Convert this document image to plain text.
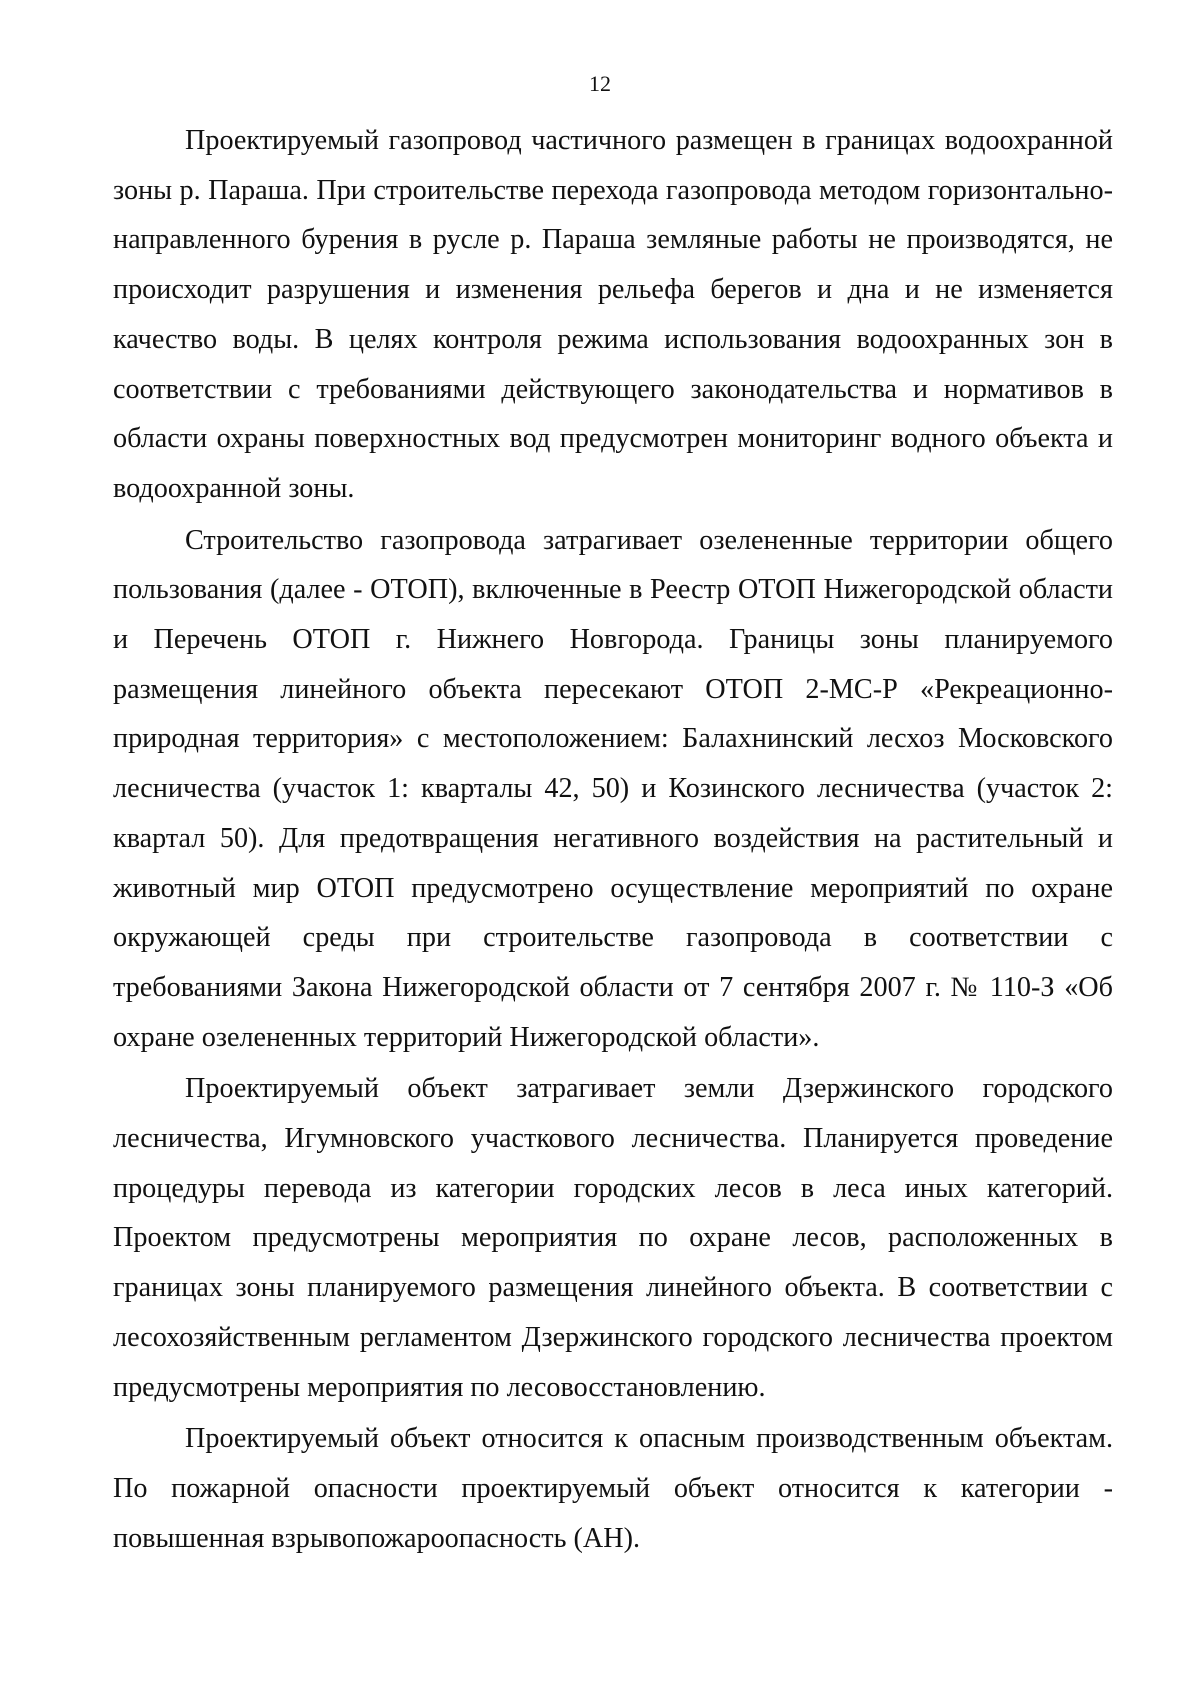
12

Проектируемый газопровод частичного размещен в границах водоохранной зоны р. Параша. При строительстве перехода газопровода методом горизонтально-направленного бурения в русле р. Параша земляные работы не производятся, не происходит разрушения и изменения рельефа берегов и дна и не изменяется качество воды. В целях контроля режима использования водоохранных зон в соответствии с требованиями действующего законодательства и нормативов в области охраны поверхностных вод предусмотрен мониторинг водного объекта и водоохранной зоны.

Строительство газопровода затрагивает озелененные территории общего пользования (далее - ОТОП), включенные в Реестр ОТОП Нижегородской области и Перечень ОТОП г. Нижнего Новгорода. Границы зоны планируемого размещения линейного объекта пересекают ОТОП 2-МС-Р «Рекреационно-природная территория» с местоположением: Балахнинский лесхоз Московского лесничества (участок 1: кварталы 42, 50) и Козинского лесничества (участок 2: квартал 50). Для предотвращения негативного воздействия на растительный и животный мир ОТОП предусмотрено осуществление мероприятий по охране окружающей среды при строительстве газопровода в соответствии с требованиями Закона Нижегородской области от 7 сентября 2007 г. № 110-З «Об охране озелененных территорий Нижегородской области».

Проектируемый объект затрагивает земли Дзержинского городского лесничества, Игумновского участкового лесничества. Планируется проведение процедуры перевода из категории городских лесов в леса иных категорий. Проектом предусмотрены мероприятия по охране лесов, расположенных в границах зоны планируемого размещения линейного объекта. В соответствии с лесохозяйственным регламентом Дзержинского городского лесничества проектом предусмотрены мероприятия по лесовосстановлению.

Проектируемый объект относится к опасным производственным объектам. По пожарной опасности проектируемый объект относится к категории - повышенная взрывопожароопасность (АН).
